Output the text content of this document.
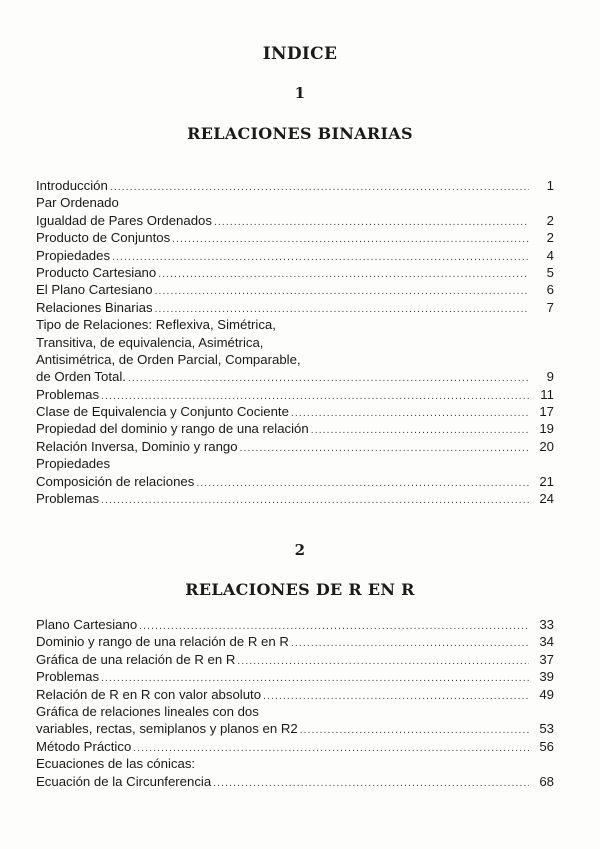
INDICE
1
RELACIONES BINARIAS
Introducción .....	1
Par Ordenado
Igualdad de Pares Ordenados .....	2
Producto de Conjuntos .....	2
Propiedades .....	4
Producto Cartesiano .....	5
El Plano Cartesiano .....	6
Relaciones Binarias .....	7
Tipo de Relaciones: Reflexiva, Simétrica,
Transitiva, de equivalencia, Asimétrica,
Antisimétrica, de Orden Parcial, Comparable,
de Orden Total. .....	9
Problemas .....	11
Clase de Equivalencia y Conjunto Cociente .....	17
Propiedad del dominio y rango de una relación .....	19
Relación Inversa, Dominio y rango .....	20
Propiedades
Composición de relaciones .....	21
Problemas .....	24
2
RELACIONES DE R EN R
Plano Cartesiano .....	33
Dominio y rango de una relación de R en R .....	34
Gráfica de una relación de R en R .....	37
Problemas .....	39
Relación de R en R con valor absoluto .....	49
Gráfica de relaciones lineales con dos
variables, rectas, semiplanos y planos en R2 .....	53
Método Práctico .....	56
Ecuaciones de las cónicas:
Ecuación de la Circunferencia .....	68
